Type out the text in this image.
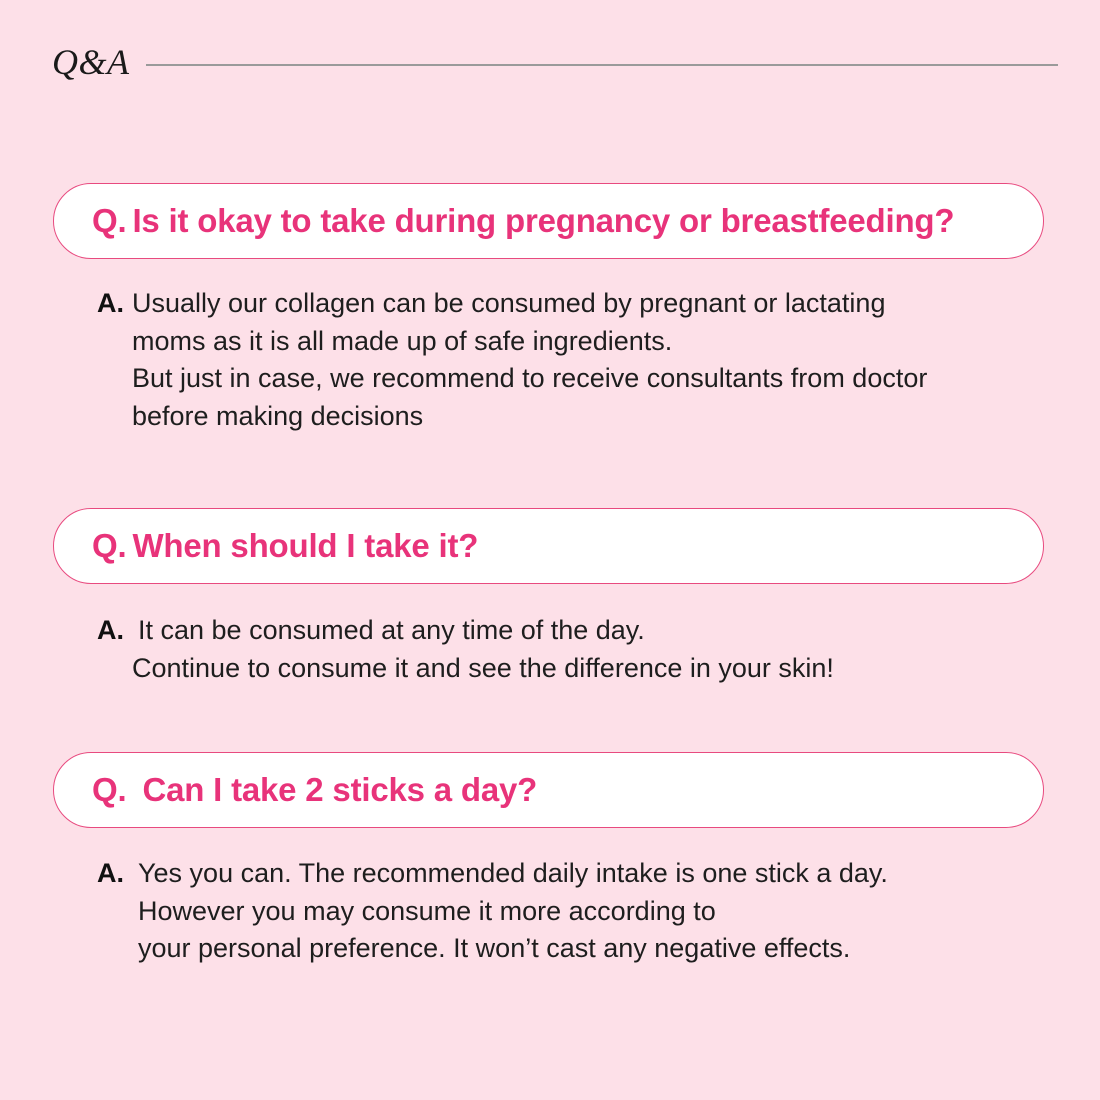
Q&A
Q. Is it okay to take during pregnancy or breastfeeding?
A. Usually our collagen can be consumed by pregnant or lactating
moms as it is all made up of safe ingredients.
But just in case, we recommend to receive consultants from doctor
before making decisions
Q. When should I take it?
A. It can be consumed at any time of the day.
Continue to consume it and see the difference in your skin!
Q. Can I take 2 sticks a day?
A. Yes you can. The recommended daily intake is one stick a day.
However you may consume it more according to
your personal preference. It won’t cast any negative effects.
